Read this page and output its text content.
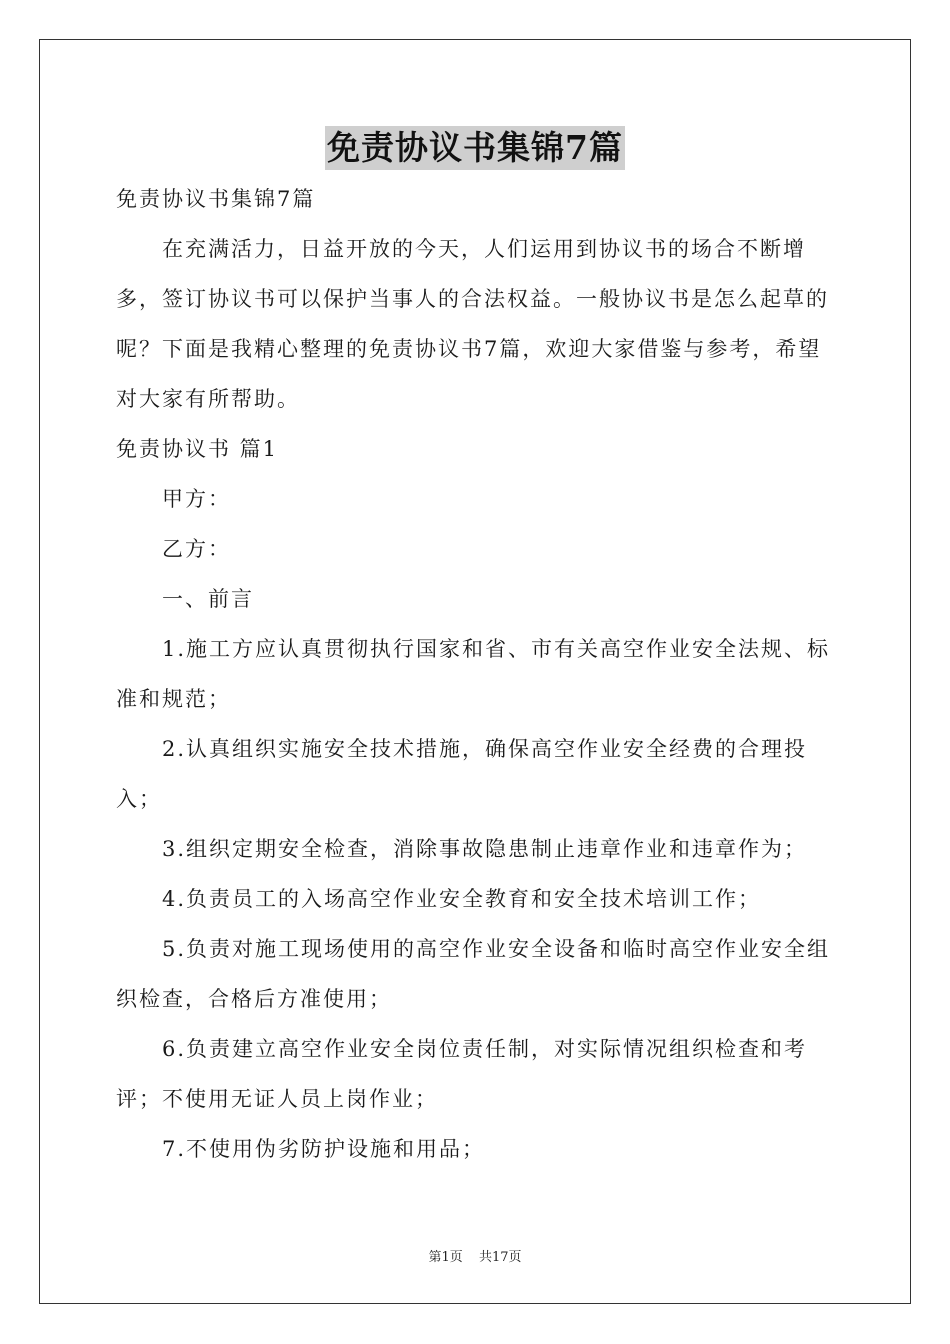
免责协议书集锦7篇

免责协议书集锦7篇

在充满活力，日益开放的今天，人们运用到协议书的场合不断增多，签订协议书可以保护当事人的合法权益。一般协议书是怎么起草的呢？下面是我精心整理的免责协议书7篇，欢迎大家借鉴与参考，希望对大家有所帮助。

免责协议书 篇1

甲方：

乙方：

一、前言

1.施工方应认真贯彻执行国家和省、市有关高空作业安全法规、标准和规范；

2.认真组织实施安全技术措施，确保高空作业安全经费的合理投入；

3.组织定期安全检查，消除事故隐患制止违章作业和违章作为；

4.负责员工的入场高空作业安全教育和安全技术培训工作；

5.负责对施工现场使用的高空作业安全设备和临时高空作业安全组织检查，合格后方准使用；

6.负责建立高空作业安全岗位责任制，对实际情况组织检查和考评；不使用无证人员上岗作业；

7.不使用伪劣防护设施和用品；

第1页 共17页
